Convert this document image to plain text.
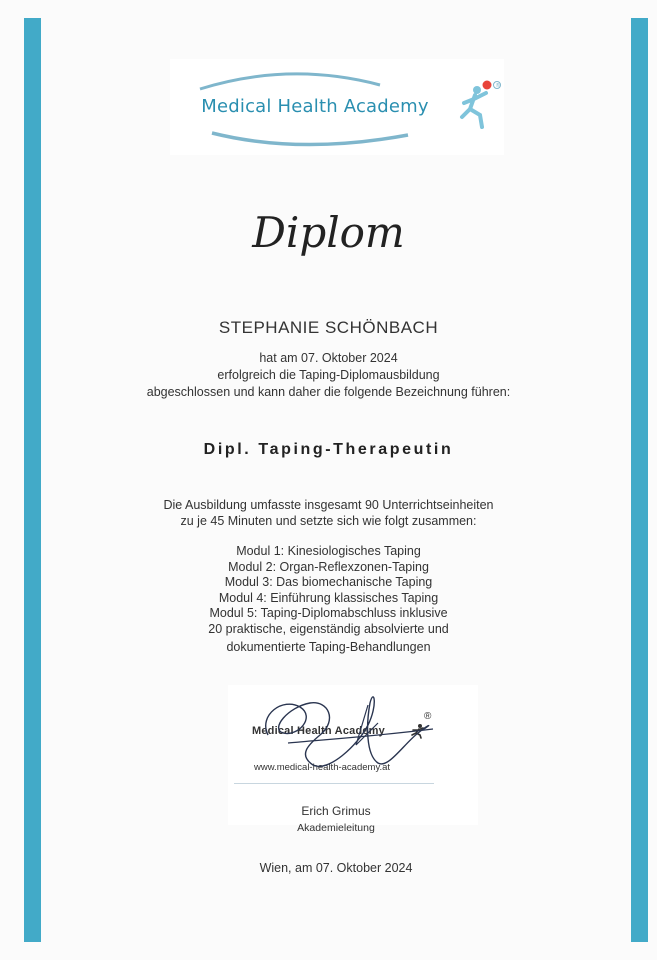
Medical Health Academy
®
Diplom
STEPHANIE SCHÖNBACH
hat am 07. Oktober 2024
erfolgreich die Taping-Diplomausbildung
abgeschlossen und kann daher die folgende Bezeichnung führen:
Dipl. Taping-Therapeutin
Die Ausbildung umfasste insgesamt 90 Unterrichtseinheiten
zu je 45 Minuten und setzte sich wie folgt zusammen:
Modul 1: Kinesiologisches Taping
Modul 2: Organ-Reflexzonen-Taping
Modul 3: Das biomechanische Taping
Modul 4: Einführung klassisches Taping
Modul 5: Taping-Diplomabschluss inklusive
20 praktische, eigenständig absolvierte und
dokumentierte Taping-Behandlungen
Medical Health Academy
®
www.medical-health-academy.at
Erich Grimus
Akademieleitung
Wien, am 07. Oktober 2024
